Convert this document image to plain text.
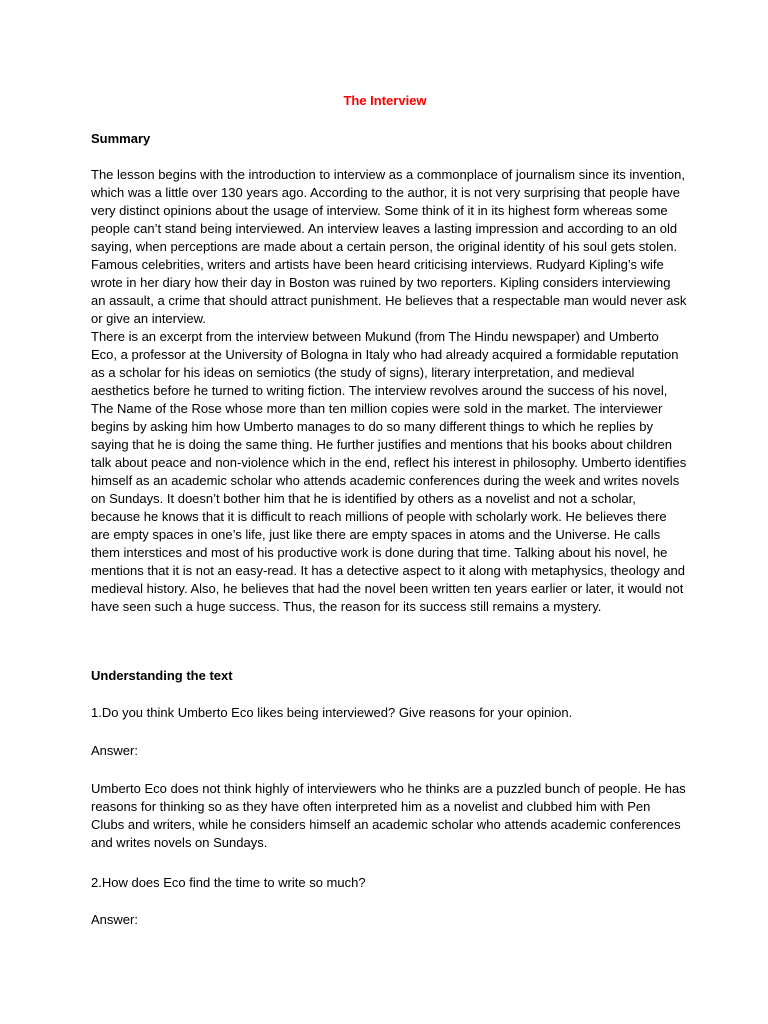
The Interview
Summary

The lesson begins with the introduction to interview as a commonplace of journalism since its invention, which was a little over 130 years ago. According to the author, it is not very surprising that people have very distinct opinions about the usage of interview. Some think of it in its highest form whereas some people can’t stand being interviewed. An interview leaves a lasting impression and according to an old saying, when perceptions are made about a certain person, the original identity of his soul gets stolen. Famous celebrities, writers and artists have been heard criticising interviews. Rudyard Kipling’s wife wrote in her diary how their day in Boston was ruined by two reporters. Kipling considers interviewing an assault, a crime that should attract punishment. He believes that a respectable man would never ask or give an interview.

There is an excerpt from the interview between Mukund (from The Hindu newspaper) and Umberto Eco, a professor at the University of Bologna in Italy who had already acquired a formidable reputation as a scholar for his ideas on semiotics (the study of signs), literary interpretation, and medieval aesthetics before he turned to writing fiction. The interview revolves around the success of his novel, The Name of the Rose whose more than ten million copies were sold in the market. The interviewer begins by asking him how Umberto manages to do so many different things to which he replies by saying that he is doing the same thing. He further justifies and mentions that his books about children talk about peace and non-violence which in the end, reflect his interest in philosophy. Umberto identifies himself as an academic scholar who attends academic conferences during the week and writes novels on Sundays. It doesn’t bother him that he is identified by others as a novelist and not a scholar, because he knows that it is difficult to reach millions of people with scholarly work. He believes there are empty spaces in one’s life, just like there are empty spaces in atoms and the Universe. He calls them interstices and most of his productive work is done during that time. Talking about his novel, he mentions that it is not an easy-read. It has a detective aspect to it along with metaphysics, theology and medieval history. Also, he believes that had the novel been written ten years earlier or later, it would not have seen such a huge success. Thus, the reason for its success still remains a mystery.

Understanding the text
1.Do you think Umberto Eco likes being interviewed? Give reasons for your opinion.
Answer:
Umberto Eco does not think highly of interviewers who he thinks are a puzzled bunch of people. He has reasons for thinking so as they have often interpreted him as a novelist and clubbed him with Pen Clubs and writers, while he considers himself an academic scholar who attends academic conferences and writes novels on Sundays.
2.How does Eco find the time to write so much?
Answer:
